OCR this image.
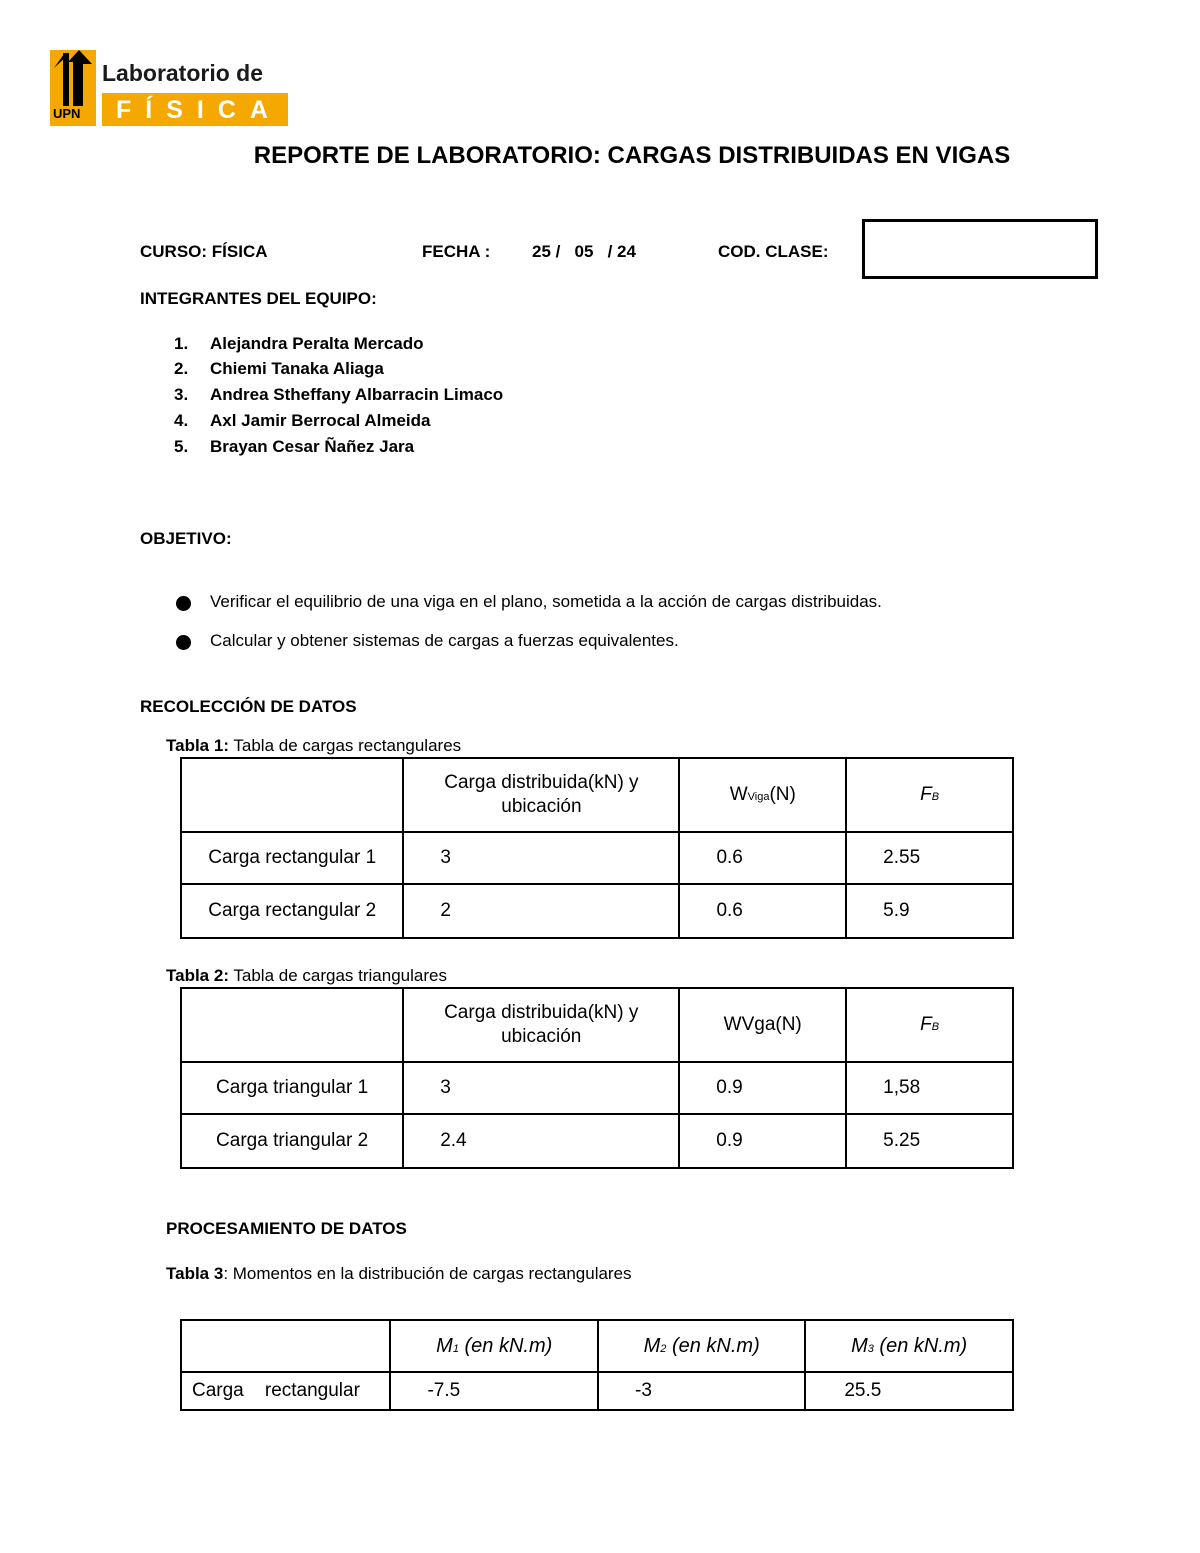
UPN
Laboratorio de
FÍSICA
REPORTE DE LABORATORIO: CARGAS DISTRIBUIDAS EN VIGAS
CURSO: FÍSICA	FECHA : 25 /   05   / 24	COD. CLASE:
INTEGRANTES DEL EQUIPO:
1. Alejandra Peralta Mercado
2. Chiemi Tanaka Aliaga
3. Andrea Stheffany Albarracin Limaco
4. Axl Jamir Berrocal Almeida
5. Brayan Cesar Ñañez Jara
OBJETIVO:
Verificar el equilibrio de una viga en el plano, sometida a la acción de cargas distribuidas.
Calcular y obtener sistemas de cargas a fuerzas equivalentes.
RECOLECCIÓN DE DATOS
Tabla 1: Tabla de cargas rectangulares
	Carga distribuida(kN) y ubicación	WViga(N)	FB
Carga rectangular 1	3	0.6	2.55
Carga rectangular 2	2	0.6	5.9
Tabla 2: Tabla de cargas triangulares
	Carga distribuida(kN) y ubicación	WVga(N)	FB
Carga triangular 1	3	0.9	1,58
Carga triangular 2	2.4	0.9	5.25
PROCESAMIENTO DE DATOS
Tabla 3: Momentos en la distribución de cargas rectangulares
	M1 (en kN.m)	M2 (en kN.m)	M3 (en kN.m)
Carga    rectangular	-7.5	-3	25.5
